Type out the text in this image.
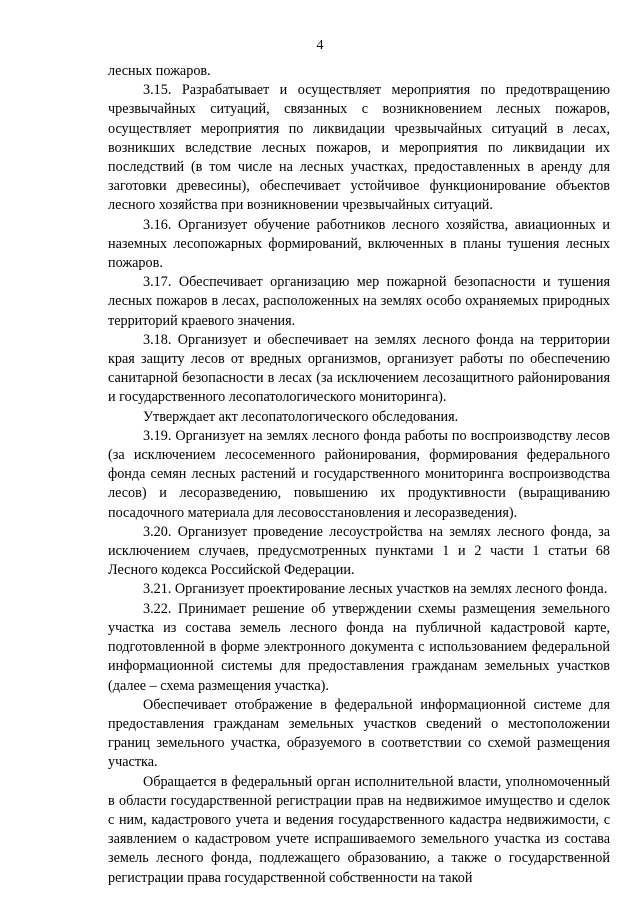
4

лесных пожаров.

3.15. Разрабатывает и осуществляет мероприятия по предотвращению чрезвычайных ситуаций, связанных с возникновением лесных пожаров, осуществляет мероприятия по ликвидации чрезвычайных ситуаций в лесах, возникших вследствие лесных пожаров, и мероприятия по ликвидации их последствий (в том числе на лесных участках, предоставленных в аренду для заготовки древесины), обеспечивает устойчивое функционирование объектов лесного хозяйства при возникновении чрезвычайных ситуаций.

3.16. Организует обучение работников лесного хозяйства, авиационных и наземных лесопожарных формирований, включенных в планы тушения лесных пожаров.

3.17. Обеспечивает организацию мер пожарной безопасности и тушения лесных пожаров в лесах, расположенных на землях особо охраняемых природных территорий краевого значения.

3.18. Организует и обеспечивает на землях лесного фонда на территории края защиту лесов от вредных организмов, организует работы по обеспечению санитарной безопасности в лесах (за исключением лесозащитного районирования и государственного лесопатологического мониторинга).

Утверждает акт лесопатологического обследования.

3.19. Организует на землях лесного фонда работы по воспроизводству лесов (за исключением лесосеменного районирования, формирования федерального фонда семян лесных растений и государственного мониторинга воспроизводства лесов) и лесоразведению, повышению их продуктивности (выращиванию посадочного материала для лесовосстановления и лесоразведения).

3.20. Организует проведение лесоустройства на землях лесного фонда, за исключением случаев, предусмотренных пунктами 1 и 2 части 1 статьи 68 Лесного кодекса Российской Федерации.

3.21. Организует проектирование лесных участков на землях лесного фонда.

3.22. Принимает решение об утверждении схемы размещения земельного участка из состава земель лесного фонда на публичной кадастровой карте, подготовленной в форме электронного документа с использованием федеральной информационной системы для предоставления гражданам земельных участков (далее – схема размещения участка).

Обеспечивает отображение в федеральной информационной системе для предоставления гражданам земельных участков сведений о местоположении границ земельного участка, образуемого в соответствии со схемой размещения участка.

Обращается в федеральный орган исполнительной власти, уполномоченный в области государственной регистрации прав на недвижимое имущество и сделок с ним, кадастрового учета и ведения государственного кадастра недвижимости, с заявлением о кадастровом учете испрашиваемого земельного участка из состава земель лесного фонда, подлежащего образованию, а также о государственной регистрации права государственной собственности на такой
